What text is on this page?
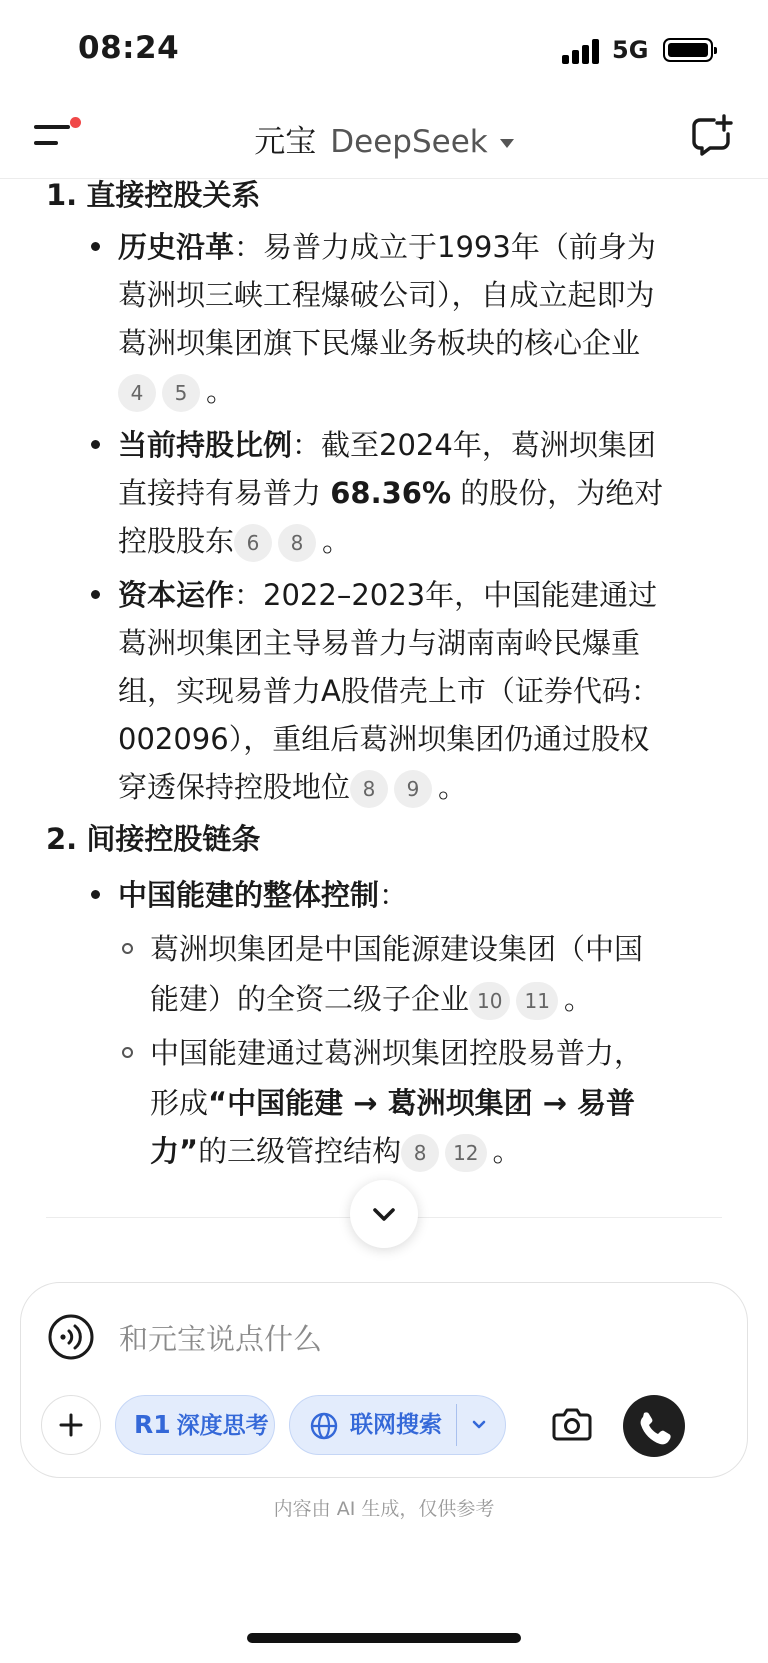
08:24	5G
元宝 DeepSeek
1. 直接控股关系
历史沿革：易普力成立于1993年（前身为
葛洲坝三峡工程爆破公司），自成立起即为
葛洲坝集团旗下民爆业务板块的核心企业
4 5 。
当前持股比例：截至2024年，葛洲坝集团
直接持有易普力 68.36% 的股份，为绝对
控股股东 6 8 。
资本运作：2022–2023年，中国能建通过
葛洲坝集团主导易普力与湖南南岭民爆重
组，实现易普力A股借壳上市（证券代码：
002096），重组后葛洲坝集团仍通过股权
穿透保持控股地位 8 9 。
2. 间接控股链条
中国能建的整体控制：
葛洲坝集团是中国能源建设集团（中国
能建）的全资二级子企业 10 11 。
中国能建通过葛洲坝集团控股易普力，
形成“中国能建 → 葛洲坝集团 → 易普
力”的三级管控结构 8 12 。
和元宝说点什么
R1 深度思考	联网搜索
内容由 AI 生成，仅供参考
